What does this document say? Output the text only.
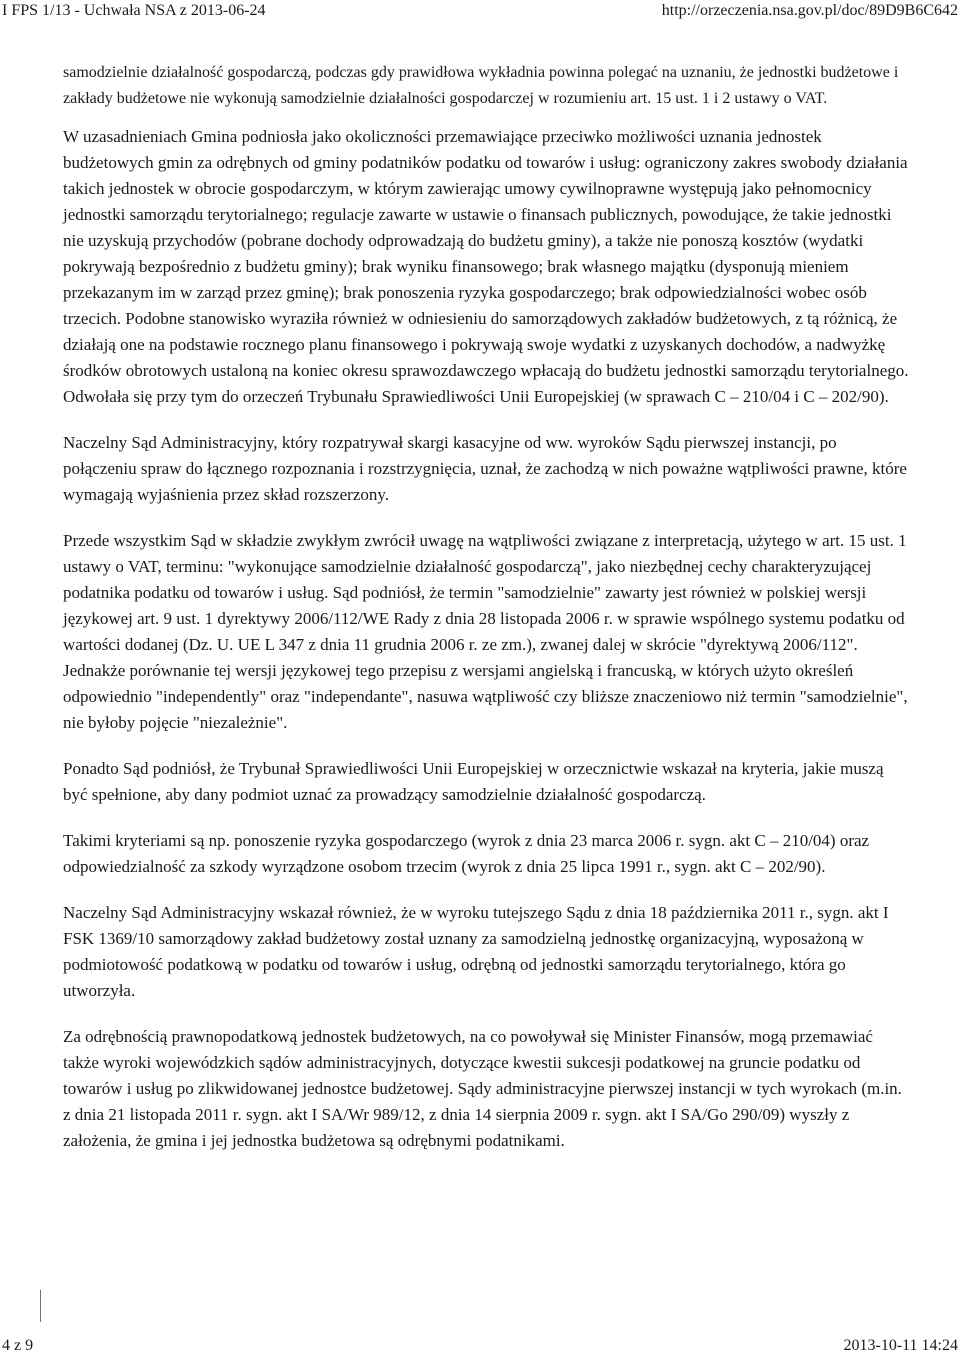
I FPS 1/13 - Uchwała NSA z 2013-06-24	http://orzeczenia.nsa.gov.pl/doc/89D9B6C642

samodzielnie działalność gospodarczą, podczas gdy prawidłowa wykładnia powinna polegać na uznaniu, że jednostki budżetowe i zakłady budżetowe nie wykonują samodzielnie działalności gospodarczej w rozumieniu art. 15 ust. 1 i 2 ustawy o VAT.

W uzasadnieniach Gmina podniosła jako okoliczności przemawiające przeciwko możliwości uznania jednostek budżetowych gmin za odrębnych od gminy podatników podatku od towarów i usług: ograniczony zakres swobody działania takich jednostek w obrocie gospodarczym, w którym zawierając umowy cywilnoprawne występują jako pełnomocnicy jednostki samorządu terytorialnego; regulacje zawarte w ustawie o finansach publicznych, powodujące, że takie jednostki nie uzyskują przychodów (pobrane dochody odprowadzają do budżetu gminy), a także nie ponoszą kosztów (wydatki pokrywają bezpośrednio z budżetu gminy); brak wyniku finansowego; brak własnego majątku (dysponują mieniem przekazanym im w zarząd przez gminę); brak ponoszenia ryzyka gospodarczego; brak odpowiedzialności wobec osób trzecich. Podobne stanowisko wyraziła również w odniesieniu do samorządowych zakładów budżetowych, z tą różnicą, że działają one na podstawie rocznego planu finansowego i pokrywają swoje wydatki z uzyskanych dochodów, a nadwyżkę środków obrotowych ustaloną na koniec okresu sprawozdawczego wpłacają do budżetu jednostki samorządu terytorialnego. Odwołała się przy tym do orzeczeń Trybunału Sprawiedliwości Unii Europejskiej (w sprawach C – 210/04 i C – 202/90).

Naczelny Sąd Administracyjny, który rozpatrywał skargi kasacyjne od ww. wyroków Sądu pierwszej instancji, po połączeniu spraw do łącznego rozpoznania i rozstrzygnięcia, uznał, że zachodzą w nich poważne wątpliwości prawne, które wymagają wyjaśnienia przez skład rozszerzony.

Przede wszystkim Sąd w składzie zwykłym zwrócił uwagę na wątpliwości związane z interpretacją, użytego w art. 15 ust. 1 ustawy o VAT, terminu: "wykonujące samodzielnie działalność gospodarczą", jako niezbędnej cechy charakteryzującej podatnika podatku od towarów i usług. Sąd podniósł, że termin "samodzielnie" zawarty jest również w polskiej wersji językowej art. 9 ust. 1 dyrektywy 2006/112/WE Rady z dnia 28 listopada 2006 r. w sprawie wspólnego systemu podatku od wartości dodanej (Dz. U. UE L 347 z dnia 11 grudnia 2006 r. ze zm.), zwanej dalej w skrócie "dyrektywą 2006/112". Jednakże porównanie tej wersji językowej tego przepisu z wersjami angielską i francuską, w których użyto określeń odpowiednio "independently" oraz "independante", nasuwa wątpliwość czy bliższe znaczeniowo niż termin "samodzielnie", nie byłoby pojęcie "niezależnie".

Ponadto Sąd podniósł, że Trybunał Sprawiedliwości Unii Europejskiej w orzecznictwie wskazał na kryteria, jakie muszą być spełnione, aby dany podmiot uznać za prowadzący samodzielnie działalność gospodarczą.

Takimi kryteriami są np. ponoszenie ryzyka gospodarczego (wyrok z dnia 23 marca 2006 r. sygn. akt C – 210/04) oraz odpowiedzialność za szkody wyrządzone osobom trzecim (wyrok z dnia 25 lipca 1991 r., sygn. akt C – 202/90).

Naczelny Sąd Administracyjny wskazał również, że w wyroku tutejszego Sądu z dnia 18 października 2011 r., sygn. akt I FSK 1369/10 samorządowy zakład budżetowy został uznany za samodzielną jednostkę organizacyjną, wyposażoną w podmiotowość podatkową w podatku od towarów i usług, odrębną od jednostki samorządu terytorialnego, która go utworzyła.

Za odrębnością prawnopodatkową jednostek budżetowych, na co powoływał się Minister Finansów, mogą przemawiać także wyroki wojewódzkich sądów administracyjnych, dotyczące kwestii sukcesji podatkowej na gruncie podatku od towarów i usług po zlikwidowanej jednostce budżetowej. Sądy administracyjne pierwszej instancji w tych wyrokach (m.in. z dnia 21 listopada 2011 r. sygn. akt I SA/Wr 989/12, z dnia 14 sierpnia 2009 r. sygn. akt I SA/Go 290/09) wyszły z założenia, że gmina i jej jednostka budżetowa są odrębnymi podatnikami.

4 z 9	2013-10-11 14:24
